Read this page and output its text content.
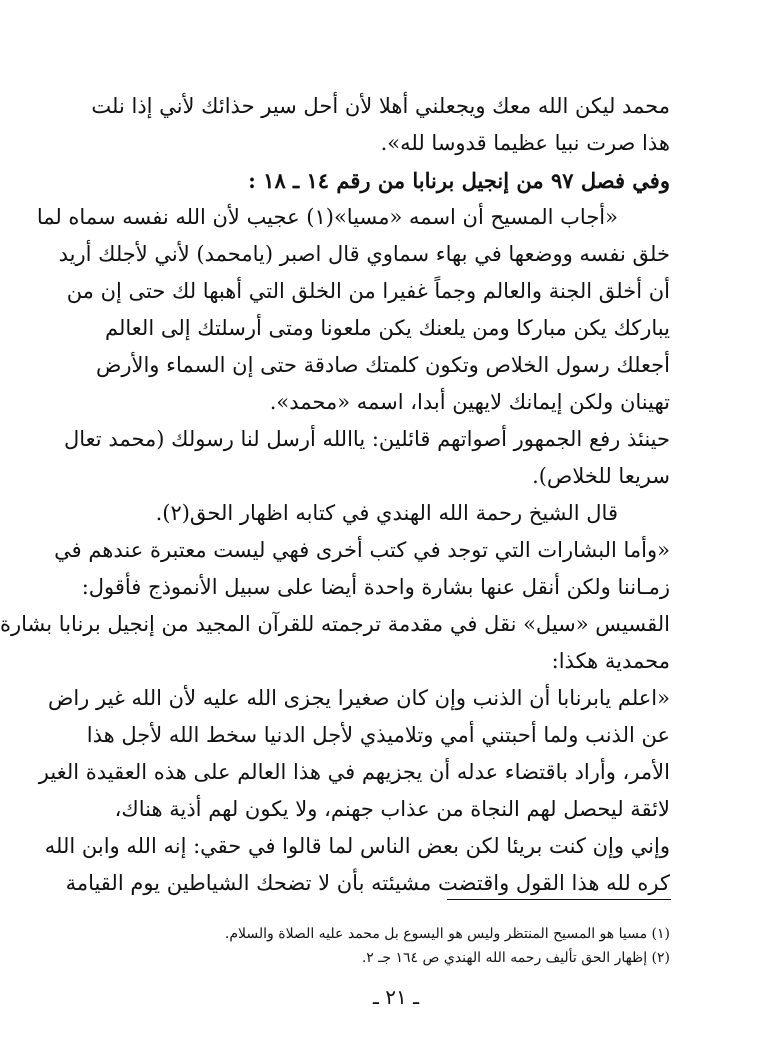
محمد ليكن الله معك ويجعلني أهلا لأن أحل سير حذائك لأني إذا نلت
هذا صرت نبيا عظيما قدوسا لله».
وفي فصل ٩٧ من إنجيل برنابا من رقم ١٤ ـ ١٨ :
«أجاب المسيح أن اسمه «مسيا»(١) عجيب لأن الله نفسه سماه لما
خلق نفسه ووضعها في بهاء سماوي قال اصبر (يامحمد) لأني لأجلك أريد
أن أخلق الجنة والعالم وجماً غفيرا من الخلق التي أهبها لك حتى إن من
يباركك يكن مباركا ومن يلعنك يكن ملعونا ومتى أرسلتك إلى العالم
أجعلك رسول الخلاص وتكون كلمتك صادقة حتى إن السماء والأرض
تهينان ولكن إيمانك لايهين أبدا، اسمه «محمد».
حينئذ رفع الجمهور أصواتهم قائلين: ياالله أرسل لنا رسولك (محمد تعال
سريعا للخلاص).
قال الشيخ رحمة الله الهندي في كتابه اظهار الحق(٢).
«وأما البشارات التي توجد في كتب أخرى فهي ليست معتبرة عندهم في
زمـاننا ولكن أنقل عنها بشارة واحدة أيضا على سبيل الأنموذج فأقول:
القسيس «سيل» نقل في مقدمة ترجمته للقرآن المجيد من إنجيل برنابا بشارة
محمدية هكذا:
«اعلم يابرنابا أن الذنب وإن كان صغيرا يجزى الله عليه لأن الله غير راض
عن الذنب ولما أحبتني أمي وتلاميذي لأجل الدنيا سخط الله لأجل هذا
الأمر، وأراد باقتضاء عدله أن يجزيهم في هذا العالم على هذه العقيدة الغير
لائقة ليحصل لهم النجاة من عذاب جهنم، ولا يكون لهم أذية هناك،
وإني وإن كنت بريئا لكن بعض الناس لما قالوا في حقي: إنه الله وابن الله
كره لله هذا القول واقتضت مشيئته بأن لا تضحك الشياطين يوم القيامة
(١) مسيا هو المسيح المنتظر وليس هو اليسوع بل محمد عليه الصلاة والسلام.
(٢) إظهار الحق تأليف رحمه الله الهندي ص ١٦٤ جـ ٢.
ـ ٢١ ـ
